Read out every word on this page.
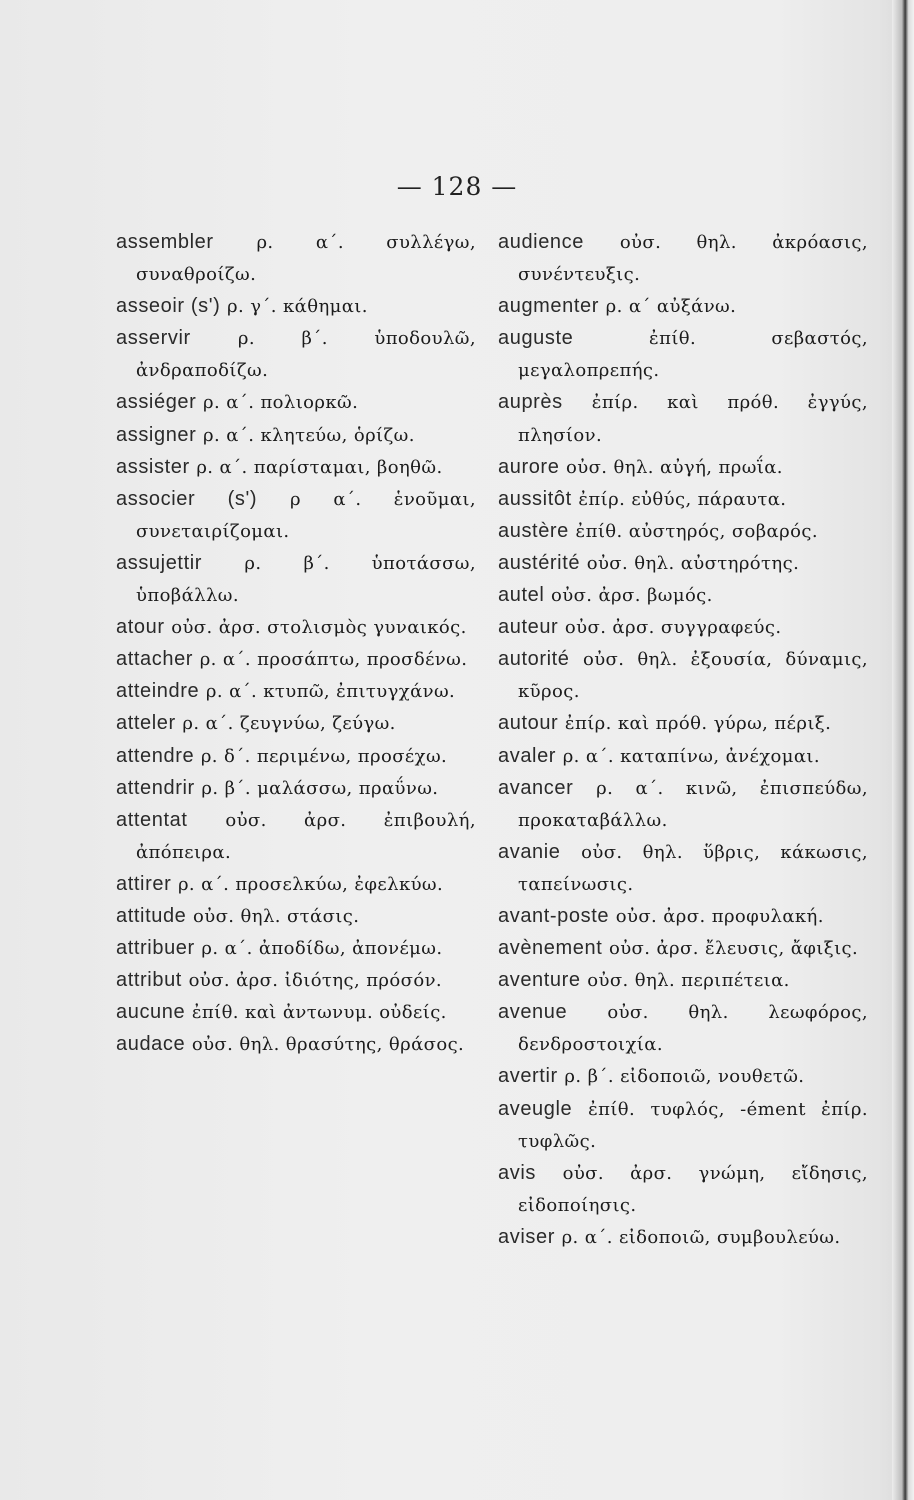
— 128 —

assembler ρ. α΄. συλλέγω, συναθροίζω.

asseoir (s') ρ. γ΄. κάθημαι.

asservir	ρ. β΄. ὑποδουλῶ, ἀνδραποδίζω.

assiéger ρ. α΄. πολιορκῶ.

assigner ρ. α΄. κλητεύω, ὁρίζω.

assister ρ. α΄. παρίσταμαι, βοηθῶ.

associer (s') ρ α΄. ἑνοῦμαι, συνεταιρίζομαι.

assujettir ρ. β΄. ὑποτάσσω, ὑποβάλλω.

atour οὐσ. ἀρσ. στολισμὸς γυναικός.

attacher ρ. α΄. προσάπτω, προσδένω.

atteindre ρ. α΄. κτυπῶ, ἐπιτυγχάνω.

atteler ρ. α΄. ζευγνύω, ζεύγω.

attendre ρ. δ΄. περιμένω, προσέχω.

attendrir ρ. β΄. μαλάσσω, πραΰνω.

attentat οὐσ. ἀρσ. ἐπιβουλή, ἀπόπειρα.

attirer ρ. α΄. προσελκύω, ἐφελκύω.

attitude οὐσ. θηλ. στάσις.

attribuer ρ. α΄. ἀποδίδω, ἀπονέμω.

attribut οὐσ. ἀρσ. ἰδιότης, πρόσόν.

aucune ἐπίθ. καὶ ἀντωνυμ. οὐδείς.

audace οὐσ. θηλ. θρασύτης, θράσος.

audience οὐσ. θηλ. ἀκρόασις, συνέντευξις.

augmenter ρ. α΄ αὐξάνω.

auguste	ἐπίθ. σεβαστός, μεγαλοπρεπής.

auprès ἐπίρ. καὶ πρόθ. ἐγγύς, πλησίον.

aurore οὐσ. θηλ. αὐγή, πρωΐα.

aussitôt ἐπίρ. εὐθύς, πάραυτα.

austère ἐπίθ. αὐστηρός, σοβαρός.

austérité οὐσ. θηλ. αὐστηρότης.

autel οὐσ. ἀρσ. βωμός.

auteur οὐσ. ἀρσ. συγγραφεύς.

autorité οὐσ. θηλ. ἐξουσία, δύναμις, κῦρος.

autour ἐπίρ. καὶ πρόθ. γύρω, πέριξ.

avaler ρ. α΄. καταπίνω, ἀνέχομαι.

avancer ρ. α΄. κινῶ, ἐπισπεύδω, προκαταβάλλω.

avanie οὐσ. θηλ. ὕβρις, κάκωσις, ταπείνωσις.

avant-poste οὐσ. ἀρσ. προφυλακή.

avènement οὐσ. ἀρσ. ἔλευσις, ἄφιξις.

aventure οὐσ. θηλ. περιπέτεια.

avenue οὐσ. θηλ. λεωφόρος, δενδροστοιχία.

avertir ρ. β΄. εἰδοποιῶ, νουθετῶ.

aveugle ἐπίθ. τυφλός, -ément ἐπίρ. τυφλῶς.

avis οὐσ. ἀρσ. γνώμη, εἴδησις, εἰδοποίησις.

aviser ρ. α΄. εἰδοποιῶ, συμβουλεύω.
